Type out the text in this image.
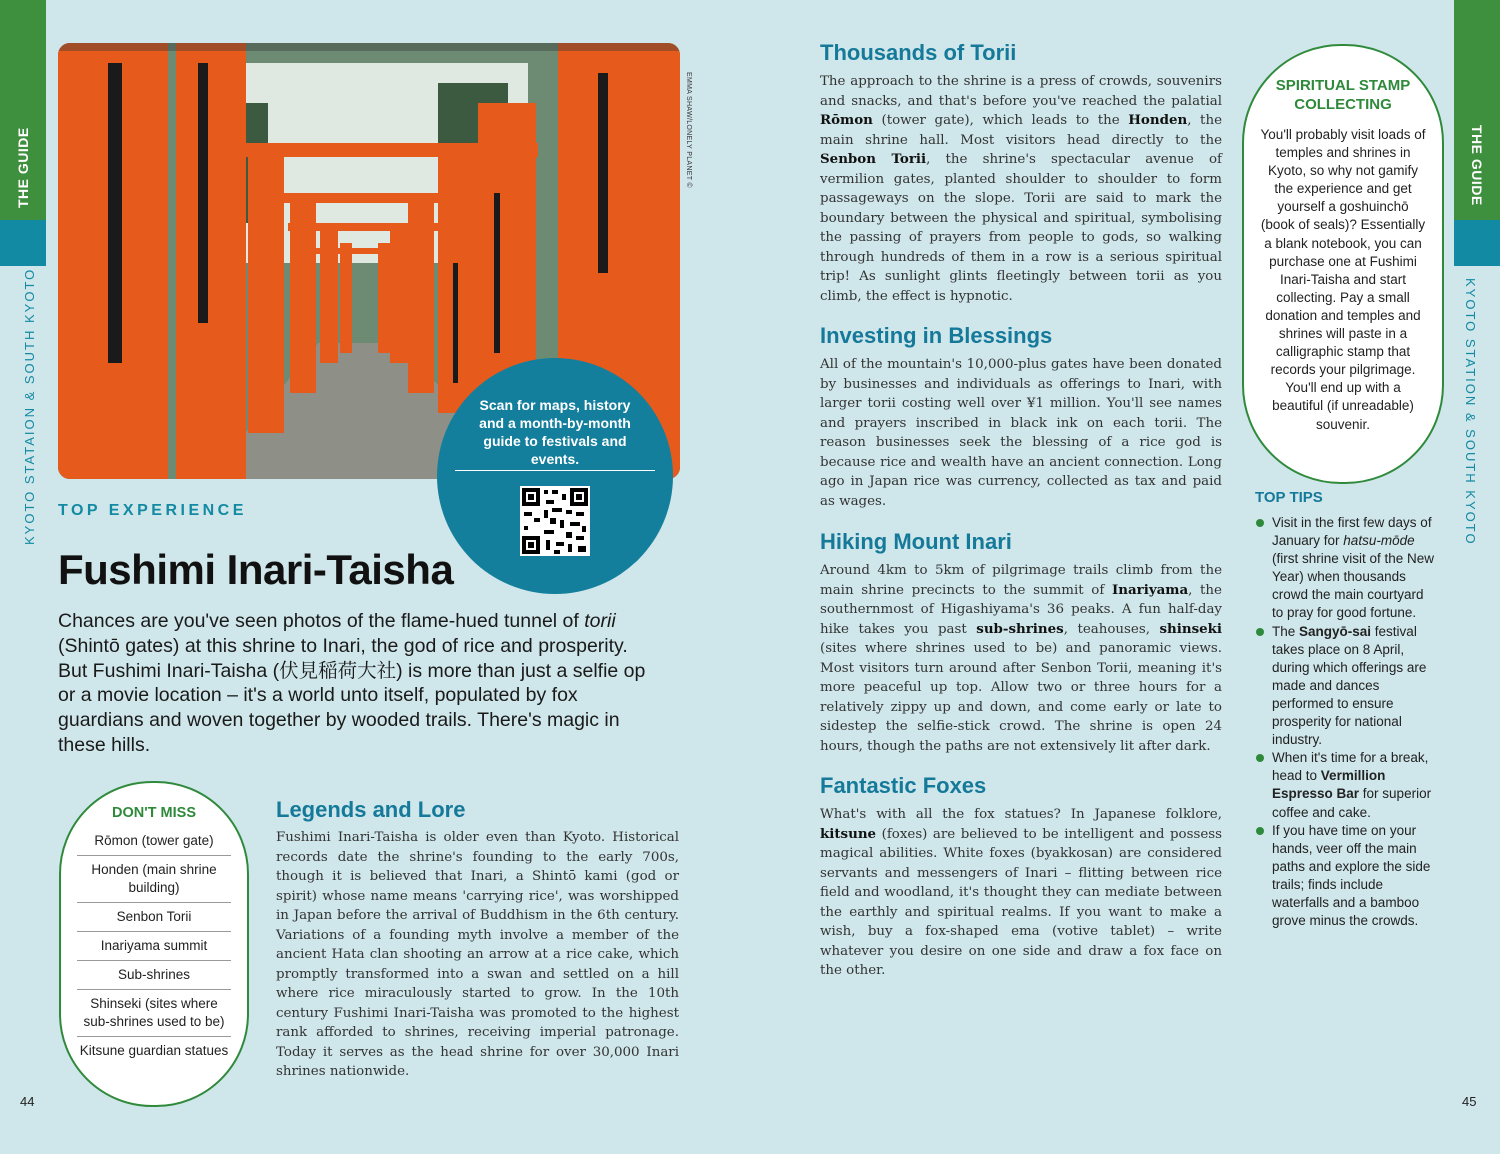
THE GUIDE
KYOTO STATAION & SOUTH KYOTO
THE GUIDE
KYOTO STATION & SOUTH KYOTO
EMMA SHAW/LONELY PLANET ©
Scan for maps, history and a month-by-month guide to festivals and events.
TOP EXPERIENCE
Fushimi Inari-Taisha
Chances are you've seen photos of the flame-hued tunnel of torii (Shintō gates) at this shrine to Inari, the god of rice and prosperity. But Fushimi Inari-Taisha (伏見稲荷大社) is more than just a selfie op or a movie location – it's a world unto itself, populated by fox guardians and woven together by wooded trails. There's magic in these hills.
DON'T MISS
Rōmon (tower gate)
Honden (main shrine building)
Senbon Torii
Inariyama summit
Sub-shrines
Shinseki (sites where sub-shrines used to be)
Kitsune guardian statues
Legends and Lore
Fushimi Inari-Taisha is older even than Kyoto. Historical records date the shrine's founding to the early 700s, though it is believed that Inari, a Shintō kami (god or spirit) whose name means 'carrying rice', was worshipped in Japan before the arrival of Buddhism in the 6th century. Variations of a founding myth involve a member of the ancient Hata clan shooting an arrow at a rice cake, which promptly transformed into a swan and settled on a hill where rice miraculously started to grow. In the 10th century Fushimi Inari-Taisha was promoted to the highest rank afforded to shrines, receiving imperial patronage. Today it serves as the head shrine for over 30,000 Inari shrines nationwide.
Thousands of Torii
The approach to the shrine is a press of crowds, souvenirs and snacks, and that's before you've reached the palatial Rōmon (tower gate), which leads to the Honden, the main shrine hall. Most visitors head directly to the Senbon Torii, the shrine's spectacular avenue of vermilion gates, planted shoulder to shoulder to form passageways on the slope. Torii are said to mark the boundary between the physical and spiritual, symbolising the passing of prayers from people to gods, so walking through hundreds of them in a row is a serious spiritual trip! As sunlight glints fleetingly between torii as you climb, the effect is hypnotic.
Investing in Blessings
All of the mountain's 10,000-plus gates have been donated by businesses and individuals as offerings to Inari, with larger torii costing well over ¥1 million. You'll see names and prayers inscribed in black ink on each torii. The reason businesses seek the blessing of a rice god is because rice and wealth have an ancient connection. Long ago in Japan rice was currency, collected as tax and paid as wages.
Hiking Mount Inari
Around 4km to 5km of pilgrimage trails climb from the main shrine precincts to the summit of Inariyama, the southernmost of Higashiyama's 36 peaks. A fun half-day hike takes you past sub-shrines, teahouses, shinseki (sites where shrines used to be) and panoramic views. Most visitors turn around after Senbon Torii, meaning it's more peaceful up top. Allow two or three hours for a relatively zippy up and down, and come early or late to sidestep the selfie-stick crowd. The shrine is open 24 hours, though the paths are not extensively lit after dark.
Fantastic Foxes
What's with all the fox statues? In Japanese folklore, kitsune (foxes) are believed to be intelligent and possess magical abilities. White foxes (byakkosan) are considered servants and messengers of Inari – flitting between rice field and woodland, it's thought they can mediate between the earthly and spiritual realms. If you want to make a wish, buy a fox-shaped ema (votive tablet) – write whatever you desire on one side and draw a fox face on the other.
SPIRITUAL STAMP COLLECTING
You'll probably visit loads of temples and shrines in Kyoto, so why not gamify the experience and get yourself a goshuinchō (book of seals)? Essentially a blank notebook, you can purchase one at Fushimi Inari-Taisha and start collecting. Pay a small donation and temples and shrines will paste in a calligraphic stamp that records your pilgrimage. You'll end up with a beautiful (if unreadable) souvenir.
TOP TIPS
Visit in the first few days of January for hatsu-mōde (first shrine visit of the New Year) when thousands crowd the main courtyard to pray for good fortune.
The Sangyō-sai festival takes place on 8 April, during which offerings are made and dances performed to ensure prosperity for national industry.
When it's time for a break, head to Vermillion Espresso Bar for superior coffee and cake.
If you have time on your hands, veer off the main paths and explore the side trails; finds include waterfalls and a bamboo grove minus the crowds.
44	45
